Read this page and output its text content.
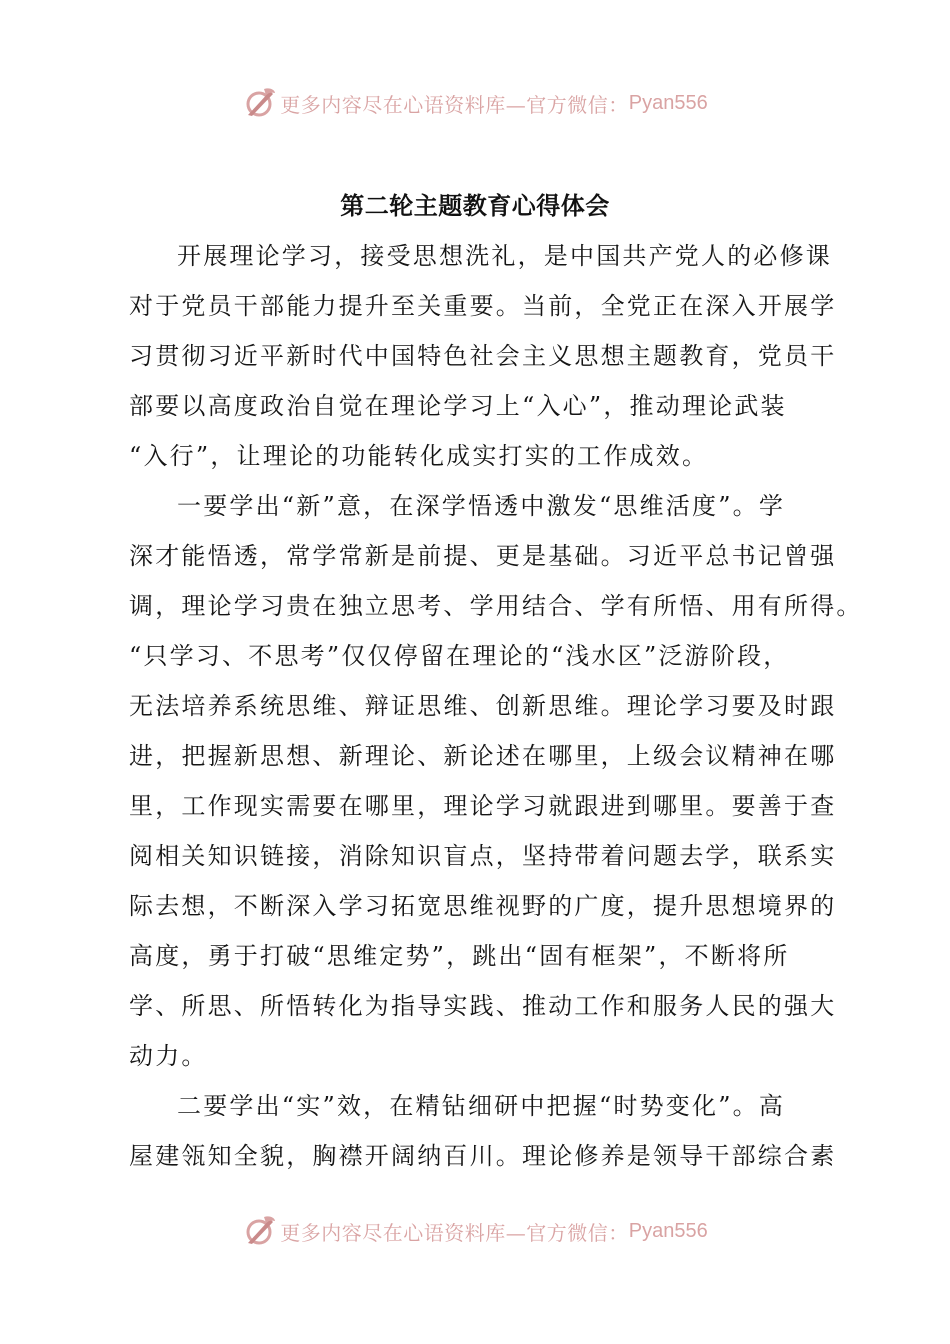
更多内容尽在心语资料库—官方微信： Pyan556
第二轮主题教育心得体会
开展理论学习，接受思想洗礼，是中国共产党人的必修课
对于党员干部能力提升至关重要。当前，全党正在深入开展学
习贯彻习近平新时代中国特色社会主义思想主题教育，党员干
部要以高度政治自觉在理论学习上“入心”，推动理论武装
“入行”，让理论的功能转化成实打实的工作成效。
一要学出“新”意，在深学悟透中激发“思维活度”。学
深才能悟透，常学常新是前提、更是基础。习近平总书记曾强
调，理论学习贵在独立思考、学用结合、学有所悟、用有所得。
“只学习、不思考”仅仅停留在理论的“浅水区”泛游阶段，
无法培养系统思维、辩证思维、创新思维。理论学习要及时跟
进，把握新思想、新理论、新论述在哪里，上级会议精神在哪
里，工作现实需要在哪里，理论学习就跟进到哪里。要善于查
阅相关知识链接，消除知识盲点，坚持带着问题去学，联系实
际去想，不断深入学习拓宽思维视野的广度，提升思想境界的
高度，勇于打破“思维定势”，跳出“固有框架”，不断将所
学、所思、所悟转化为指导实践、推动工作和服务人民的强大
动力。
二要学出“实”效，在精钻细研中把握“时势变化”。高
屋建瓴知全貌，胸襟开阔纳百川。理论修养是领导干部综合素
更多内容尽在心语资料库—官方微信： Pyan556
